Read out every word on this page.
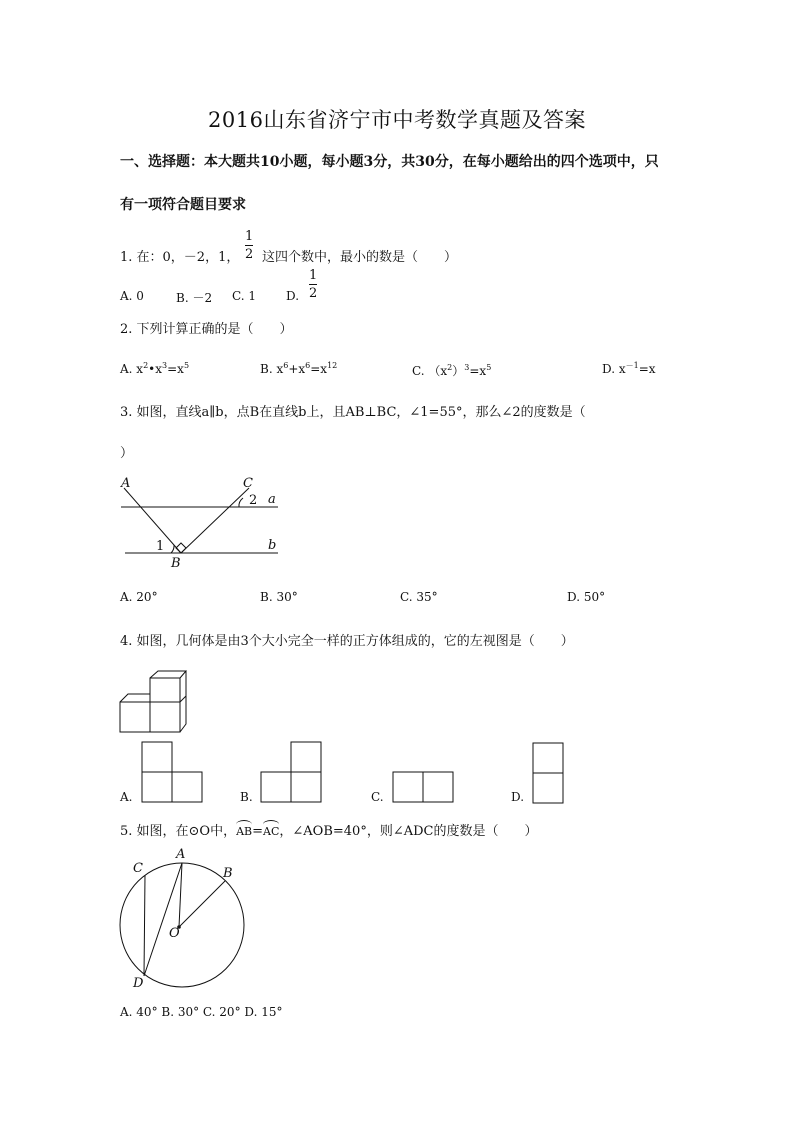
2016山东省济宁市中考数学真题及答案
一、选择题：本大题共10小题，每小题3分，共30分，在每小题给出的四个选项中，只
有一项符合题目要求
1. 在：0，－2，1，
1
2 这四个数中，最小的数是（　　）
A. 0	B. －2 C. 1 D.
1
2
2. 下列计算正确的是（　　）
A. $x^2•x^3=x^5$	B. $x^6+x^6=x^{12}$	C. $(x^2)^3=x^5$	D. $x^{-1}=x$
3. 如图，直线a∥b，点B在直线b上，且AB⊥BC，∠1=55°，那么∠2的度数是（
）
A	C
2 a
1	b
B
A. 20°	B. 30°	C. 35°	D. 50°
4. 如图，几何体是由3个大小完全一样的正方体组成的，它的左视图是（　　）
A.	B.	C.	D.
5. 如图，在⊙O中，AB=AC，∠AOB=40°，则∠ADC的度数是（　　）
C
A
B
O
D
A. 40° B. 30° C. 20° D. 15°
